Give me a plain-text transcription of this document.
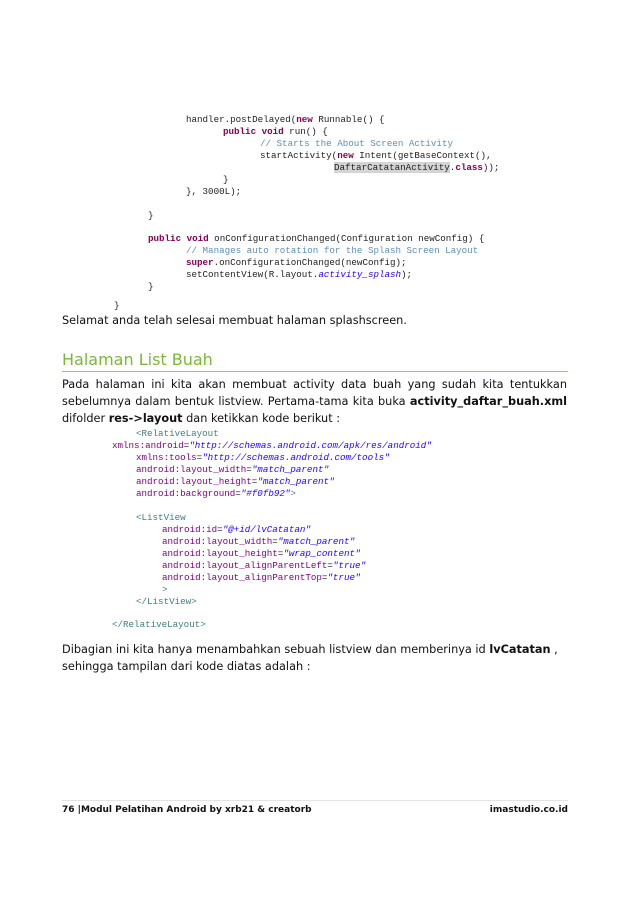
handler.postDelayed(new Runnable() {
public void run() {
// Starts the About Screen Activity
startActivity(new Intent(getBaseContext(),
DaftarCatatanActivity.class));
}
}, 3000L);
}
public void onConfigurationChanged(Configuration newConfig) {
// Manages auto rotation for the Splash Screen Layout
super.onConfigurationChanged(newConfig);
setContentView(R.layout.activity_splash);
}
}
Selamat anda telah selesai membuat halaman splashscreen.
Halaman List Buah
Pada halaman ini kita akan membuat activity data buah yang sudah kita tentukkan sebelumnya dalam bentuk listview. Pertama-tama kita buka activity_daftar_buah.xml difolder res->layout dan ketikkan kode berikut :
<RelativeLayout
xmlns:android="http://schemas.android.com/apk/res/android"
xmlns:tools="http://schemas.android.com/tools"
android:layout_width="match_parent"
android:layout_height="match_parent"
android:background="#f0fb92">
<ListView
android:id="@+id/lvCatatan"
android:layout_width="match_parent"
android:layout_height="wrap_content"
android:layout_alignParentLeft="true"
android:layout_alignParentTop="true"
>
</ListView>
</RelativeLayout>
Dibagian ini kita hanya menambahkan sebuah listview dan memberinya id lvCatatan , sehingga tampilan dari kode diatas adalah :
76 |Modul Pelatihan Android by xrb21 & creatorb	imastudio.co.id
